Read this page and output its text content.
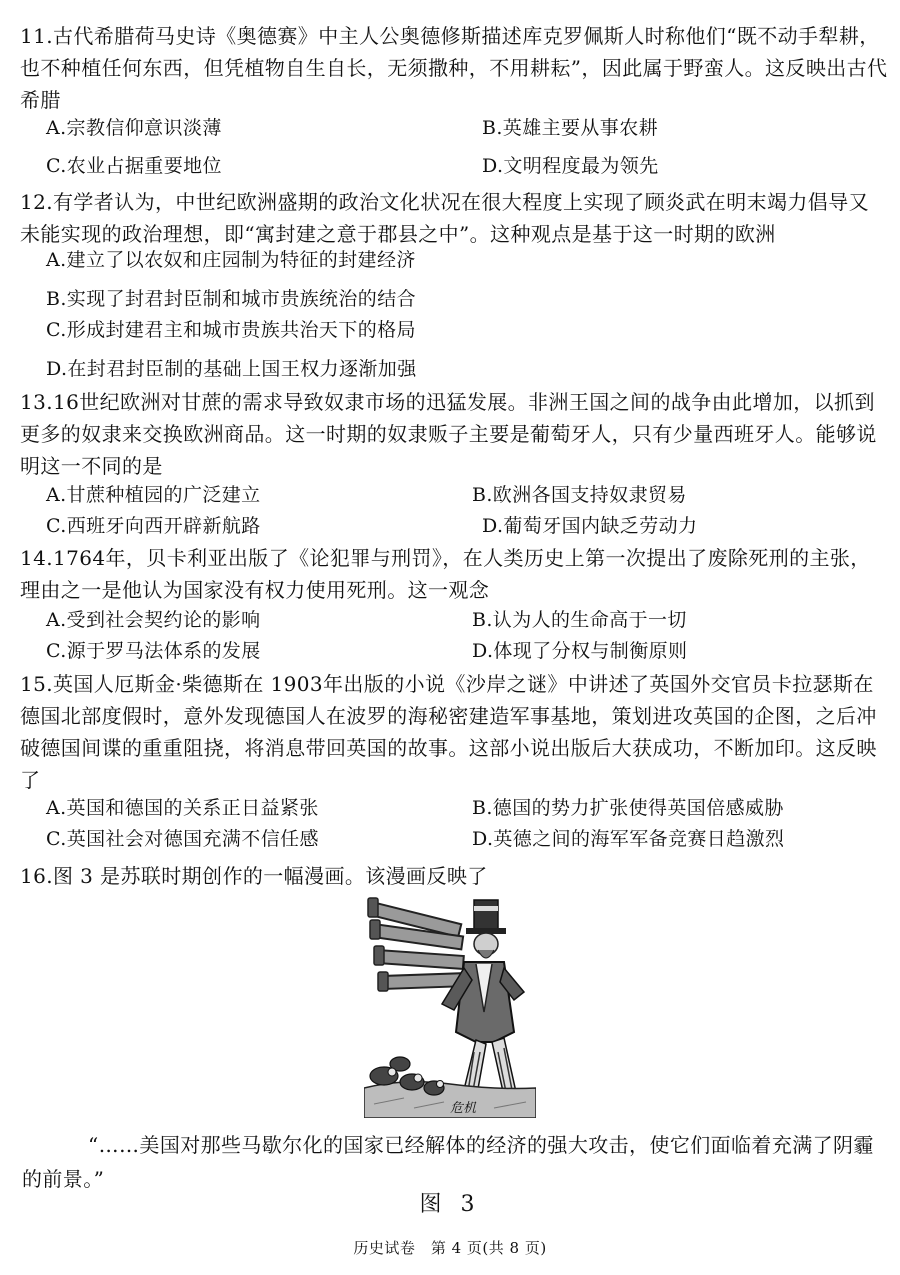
11.古代希腊荷马史诗《奥德赛》中主人公奥德修斯描述库克罗佩斯人时称他们“既不动手犁耕，也不种植任何东西，但凭植物自生自长，无须撒种，不用耕耘”，因此属于野蛮人。这反映出古代希腊

A.宗教信仰意识淡薄	B.英雄主要从事农耕
C.农业占据重要地位	D.文明程度最为领先

12.有学者认为，中世纪欧洲盛期的政治文化状况在很大程度上实现了顾炎武在明末竭力倡导又未能实现的政治理想，即“寓封建之意于郡县之中”。这种观点是基于这一时期的欧洲

A.建立了以农奴和庄园制为特征的封建经济
B.实现了封君封臣制和城市贵族统治的结合
C.形成封建君主和城市贵族共治天下的格局
D.在封君封臣制的基础上国王权力逐渐加强

13.16世纪欧洲对甘蔗的需求导致奴隶市场的迅猛发展。非洲王国之间的战争由此增加，以抓到更多的奴隶来交换欧洲商品。这一时期的奴隶贩子主要是葡萄牙人，只有少量西班牙人。能够说明这一不同的是

A.甘蔗种植园的广泛建立	B.欧洲各国支持奴隶贸易
C.西班牙向西开辟新航路	D.葡萄牙国内缺乏劳动力

14.1764年，贝卡利亚出版了《论犯罪与刑罚》，在人类历史上第一次提出了废除死刑的主张，理由之一是他认为国家没有权力使用死刑。这一观念

A.受到社会契约论的影响	B.认为人的生命高于一切
C.源于罗马法体系的发展	D.体现了分权与制衡原则

15.英国人厄斯金·柴德斯在 1903年出版的小说《沙岸之谜》中讲述了英国外交官员卡拉瑟斯在德国北部度假时，意外发现德国人在波罗的海秘密建造军事基地，策划进攻英国的企图，之后冲破德国间谍的重重阻挠，将消息带回英国的故事。这部小说出版后大获成功，不断加印。这反映了

A.英国和德国的关系正日益紧张	B.德国的势力扩张使得英国倍感威胁
C.英国社会对德国充满不信任感	D.英德之间的海军军备竞赛日趋激烈

16.图 3 是苏联时期创作的一幅漫画。该漫画反映了

危机

“……美国对那些马歇尔化的国家已经解体的经济的强大攻击，使它们面临着充满了阴霾的前景。”

图 3
历史试卷　第 4 页(共 8 页)
